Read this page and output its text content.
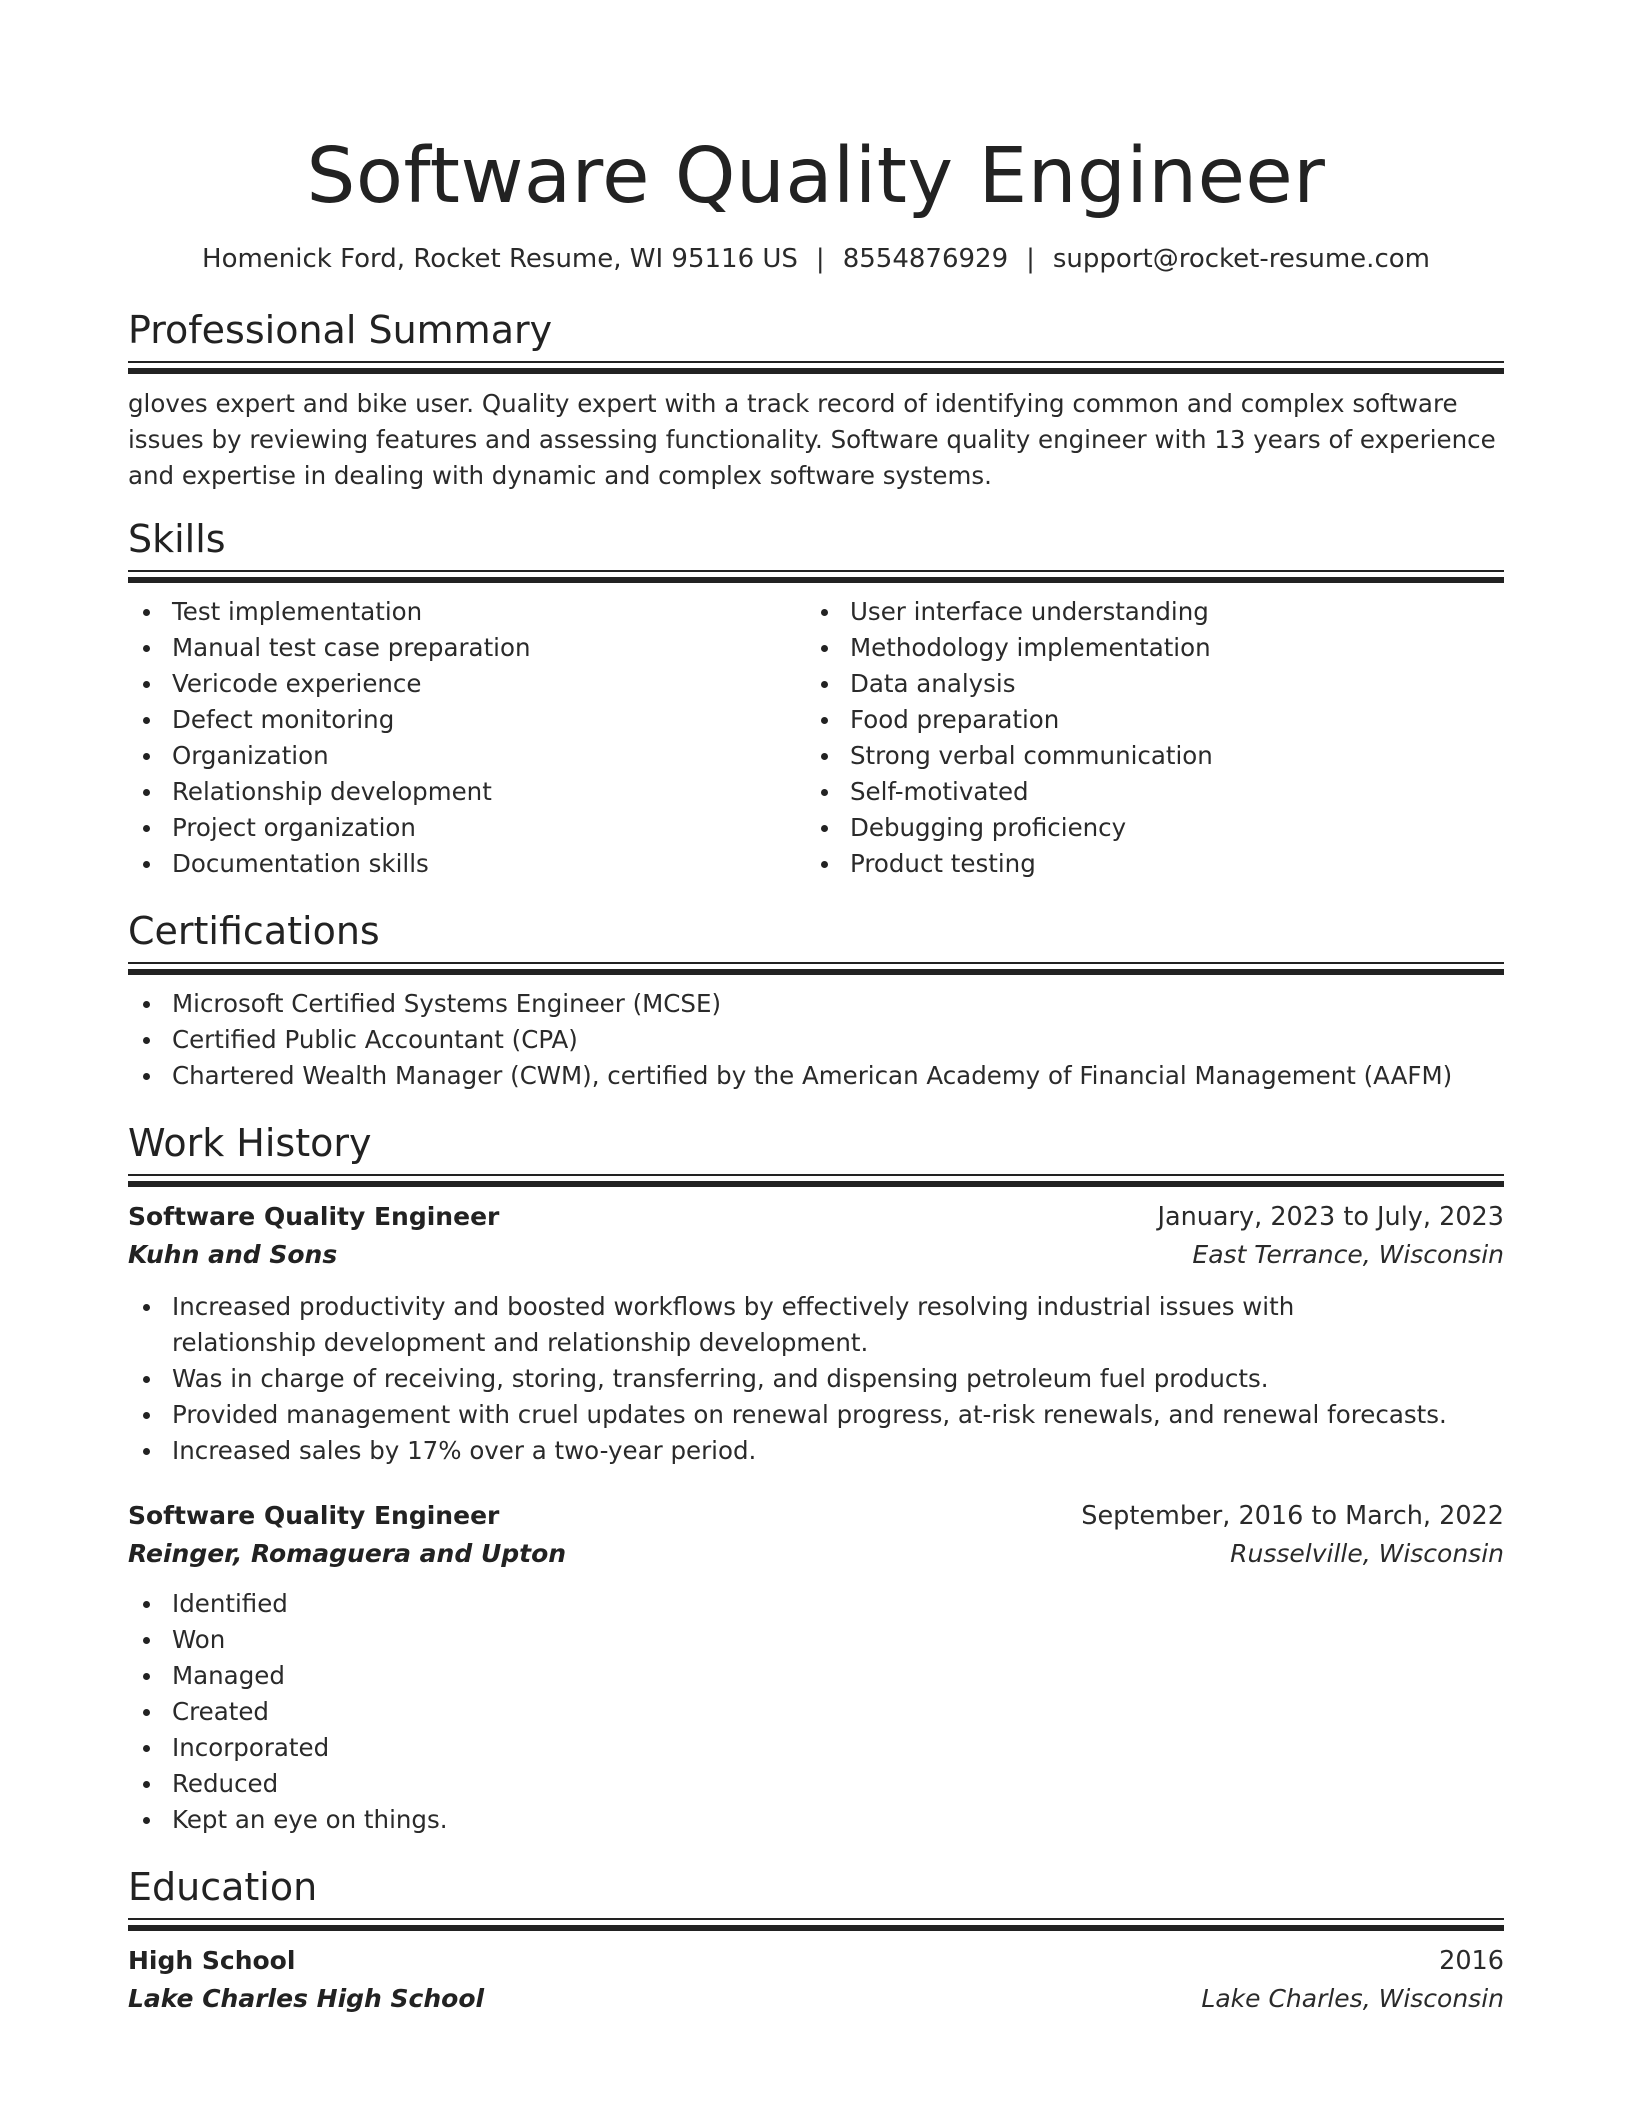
Software Quality Engineer
Homenick Ford, Rocket Resume, WI 95116 US | 8554876929 | support@rocket-resume.com
Professional Summary

gloves expert and bike user. Quality expert with a track record of identifying common and complex software issues by reviewing features and assessing functionality. Software quality engineer with 13 years of experience and expertise in dealing with dynamic and complex software systems.

Skills
Test implementation
Manual test case preparation
Vericode experience
Defect monitoring
Organization
Relationship development
Project organization
Documentation skills
User interface understanding
Methodology implementation
Data analysis
Food preparation
Strong verbal communication
Self-motivated
Debugging proficiency
Product testing
Certifications
Microsoft Certified Systems Engineer (MCSE)
Certified Public Accountant (CPA)
Chartered Wealth Manager (CWM), certified by the American Academy of Financial Management (AAFM)
Work History
Software Quality Engineer	January, 2023 to July, 2023
Kuhn and Sons	East Terrance, Wisconsin
Increased productivity and boosted workflows by effectively resolving industrial issues with relationship development and relationship development.
Was in charge of receiving, storing, transferring, and dispensing petroleum fuel products.
Provided management with cruel updates on renewal progress, at-risk renewals, and renewal forecasts.
Increased sales by 17% over a two-year period.
Software Quality Engineer	September, 2016 to March, 2022
Reinger, Romaguera and Upton	Russelville, Wisconsin
Identified
Won
Managed
Created
Incorporated
Reduced
Kept an eye on things.
Education
High School	2016
Lake Charles High School	Lake Charles, Wisconsin
